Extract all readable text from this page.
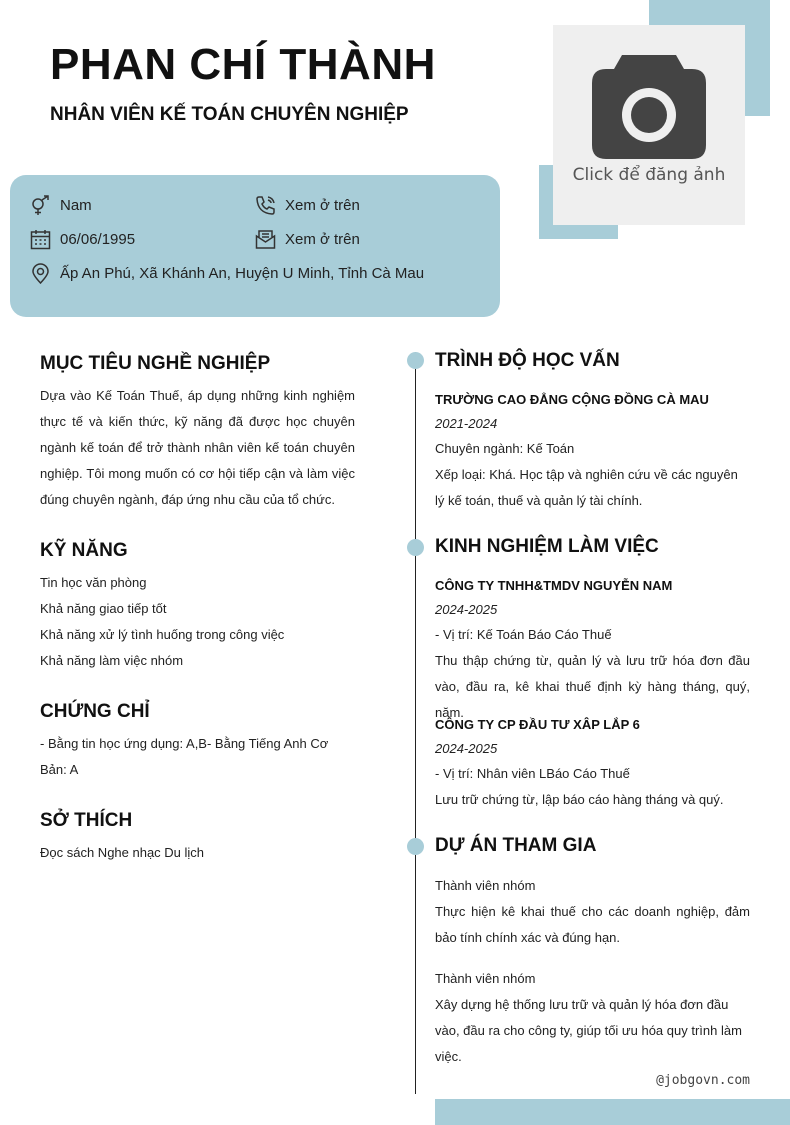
PHAN CHÍ THÀNH
NHÂN VIÊN KẾ TOÁN CHUYÊN NGHIỆP
Click để đăng ảnh
Nam	Xem ở trên
06/06/1995	Xem ở trên
Ấp An Phú, Xã Khánh An, Huyện U Minh, Tỉnh Cà Mau
MỤC TIÊU NGHỀ NGHIỆP
Dựa vào Kế Toán Thuế, áp dụng những kinh nghiệm thực tế và kiến thức, kỹ năng đã được học chuyên ngành kế toán để trở thành nhân viên kế toán chuyên nghiệp. Tôi mong muốn có cơ hội tiếp cận và làm việc đúng chuyên ngành, đáp ứng nhu cầu của tổ chức.
KỸ NĂNG
Tin học văn phòng
Khả năng giao tiếp tốt
Khả năng xử lý tình huống trong công việc
Khả năng làm việc nhóm
CHỨNG CHỈ
- Bằng tin học ứng dụng: A,B- Bằng Tiếng Anh Cơ Bản: A
SỞ THÍCH
Đọc sách Nghe nhạc Du lịch
TRÌNH ĐỘ HỌC VẤN
TRƯỜNG CAO ĐẲNG CỘNG ĐỒNG CÀ MAU
2021-2024
Chuyên ngành: Kế Toán
Xếp loại: Khá. Học tập và nghiên cứu về các nguyên lý kế toán, thuế và quản lý tài chính.
KINH NGHIỆM LÀM VIỆC
CÔNG TY TNHH&TMDV NGUYỄN NAM
2024-2025
- Vị trí: Kế Toán Báo Cáo Thuế
Thu thập chứng từ, quản lý và lưu trữ hóa đơn đầu vào, đầu ra, kê khai thuế định kỳ hàng tháng, quý, năm.
CÔNG TY CP ĐẦU TƯ XÂP LẮP 6
2024-2025
- Vị trí: Nhân viên LBáo Cáo Thuế
Lưu trữ chứng từ, lập báo cáo hàng tháng và quý.
DỰ ÁN THAM GIA
Thành viên nhóm
Thực hiện kê khai thuế cho các doanh nghiệp, đảm bảo tính chính xác và đúng hạn.
Thành viên nhóm
Xây dựng hệ thống lưu trữ và quản lý hóa đơn đầu vào, đầu ra cho công ty, giúp tối ưu hóa quy trình làm việc.
@jobgovn.com
